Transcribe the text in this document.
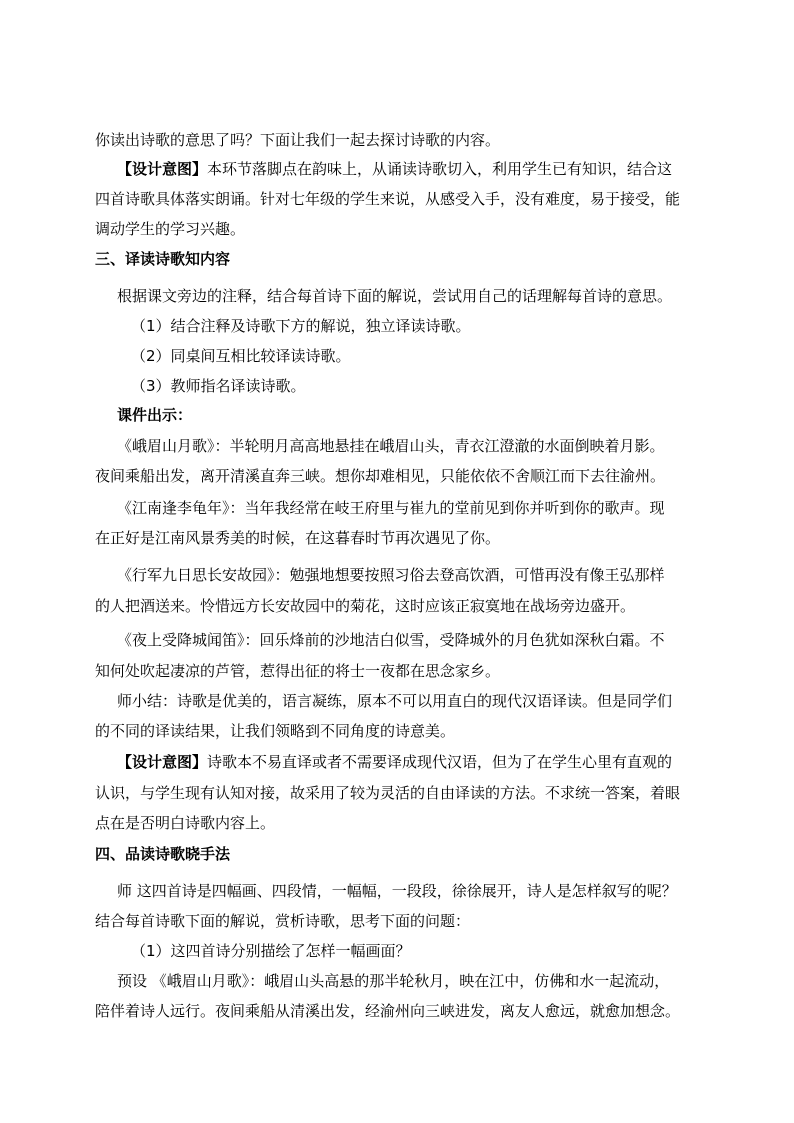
你读出诗歌的意思了吗？下面让我们一起去探讨诗歌的内容。
【设计意图】本环节落脚点在韵味上，从诵读诗歌切入，利用学生已有知识，结合这
四首诗歌具体落实朗诵。针对七年级的学生来说，从感受入手，没有难度，易于接受，能
调动学生的学习兴趣。
三、译读诗歌知内容
根据课文旁边的注释，结合每首诗下面的解说，尝试用自己的话理解每首诗的意思。
（1）结合注释及诗歌下方的解说，独立译读诗歌。
（2）同桌间互相比较译读诗歌。
（3）教师指名译读诗歌。
课件出示：
《峨眉山月歌》：半轮明月高高地悬挂在峨眉山头，青衣江澄澈的水面倒映着月影。
夜间乘船出发，离开清溪直奔三峡。想你却难相见，只能依依不舍顺江而下去往渝州。
《江南逢李龟年》：当年我经常在岐王府里与崔九的堂前见到你并听到你的歌声。现
在正好是江南风景秀美的时候，在这暮春时节再次遇见了你。
《行军九日思长安故园》：勉强地想要按照习俗去登高饮酒，可惜再没有像王弘那样
的人把酒送来。怜惜远方长安故园中的菊花，这时应该正寂寞地在战场旁边盛开。
《夜上受降城闻笛》：回乐烽前的沙地洁白似雪，受降城外的月色犹如深秋白霜。不
知何处吹起凄凉的芦管，惹得出征的将士一夜都在思念家乡。
师小结：诗歌是优美的，语言凝练，原本不可以用直白的现代汉语译读。但是同学们
的不同的译读结果，让我们领略到不同角度的诗意美。
【设计意图】诗歌本不易直译或者不需要译成现代汉语，但为了在学生心里有直观的
认识，与学生现有认知对接，故采用了较为灵活的自由译读的方法。不求统一答案，着眼
点在是否明白诗歌内容上。
四、品读诗歌晓手法
师 这四首诗是四幅画、四段情，一幅幅，一段段，徐徐展开，诗人是怎样叙写的呢？
结合每首诗歌下面的解说，赏析诗歌，思考下面的问题：
（1）这四首诗分别描绘了怎样一幅画面？
预设 《峨眉山月歌》：峨眉山头高悬的那半轮秋月，映在江中，仿佛和水一起流动，
陪伴着诗人远行。夜间乘船从清溪出发，经渝州向三峡进发，离友人愈远，就愈加想念。
